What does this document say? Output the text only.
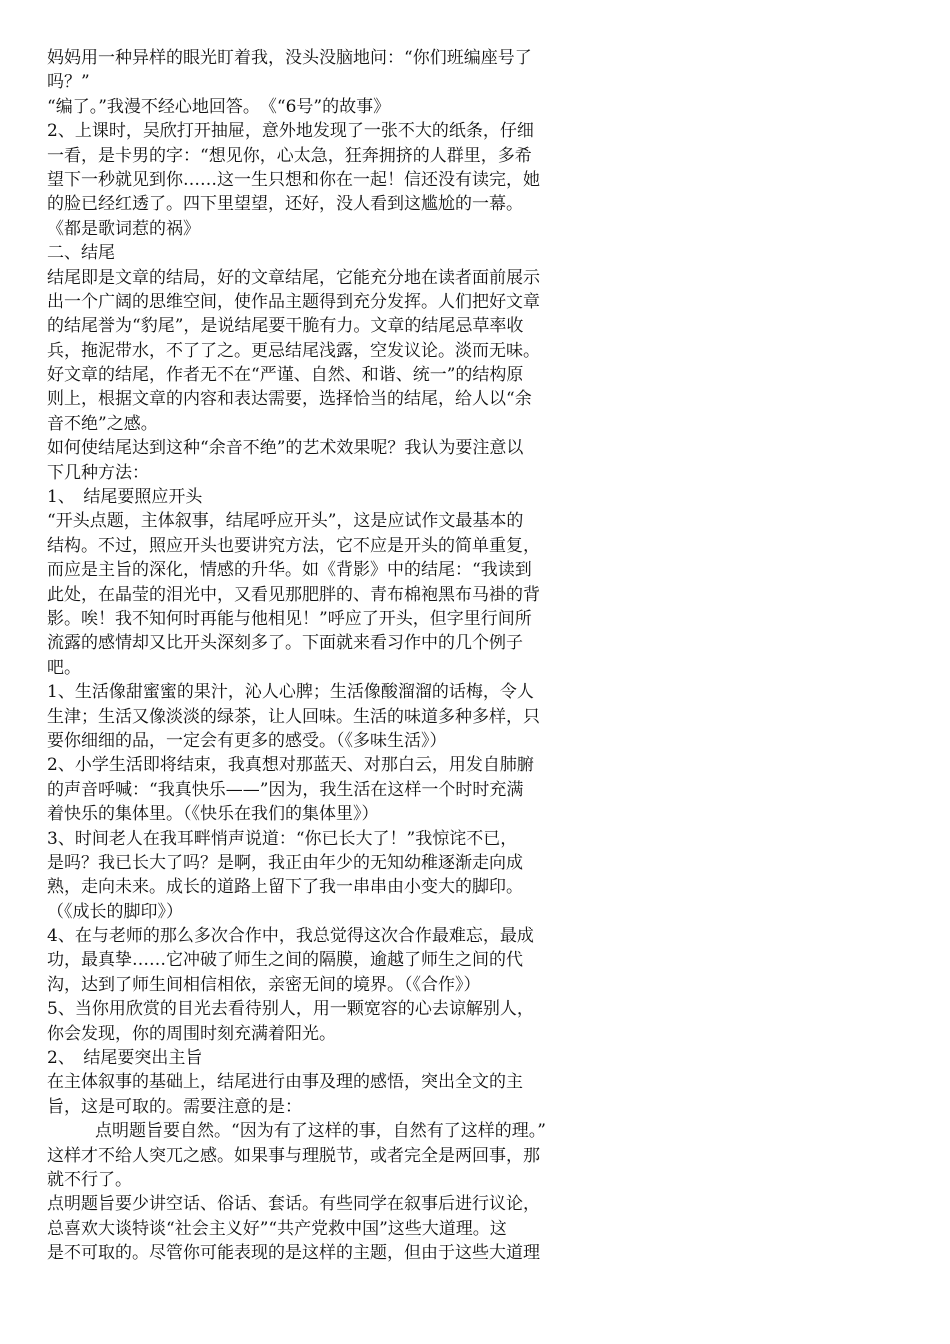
妈妈用一种异样的眼光盯着我，没头没脑地问：“你们班编座号了
吗？”
“编了。”我漫不经心地回答。　《“6号”的故事》
2、上课时，吴欣打开抽屉，意外地发现了一张不大的纸条，仔细
一看，是卡男的字：“想见你，心太急，狂奔拥挤的人群里，多希
望下一秒就见到你……这一生只想和你在一起！信还没有读完，她
的脸已经红透了。四下里望望，还好，没人看到这尴尬的一幕。
《都是歌词惹的祸》
二、结尾
结尾即是文章的结局，好的文章结尾，它能充分地在读者面前展示
出一个广阔的思维空间，使作品主题得到充分发挥。人们把好文章
的结尾誉为“豹尾”，是说结尾要干脆有力。文章的结尾忌草率收
兵，拖泥带水，不了了之。更忌结尾浅露，空发议论。淡而无味。
好文章的结尾，作者无不在“严谨、自然、和谐、统一”的结构原
则上，根据文章的内容和表达需要，选择恰当的结尾，给人以“余
音不绝”之感。
如何使结尾达到这种“余音不绝”的艺术效果呢？我认为要注意以
下几种方法：
1、　结尾要照应开头
“开头点题，主体叙事，结尾呼应开头”，这是应试作文最基本的
结构。不过，照应开头也要讲究方法，它不应是开头的简单重复，
而应是主旨的深化，情感的升华。如《背影》中的结尾：“我读到
此处，在晶莹的泪光中，又看见那肥胖的、青布棉袍黑布马褂的背
影。唉！我不知何时再能与他相见！”呼应了开头，但字里行间所
流露的感情却又比开头深刻多了。下面就来看习作中的几个例子
吧。
1、生活像甜蜜蜜的果汁，沁人心脾；生活像酸溜溜的话梅，令人
生津；生活又像淡淡的绿茶，让人回味。生活的味道多种多样，只
要你细细的品，一定会有更多的感受。（《多味生活》）
2、小学生活即将结束，我真想对那蓝天、对那白云，用发自肺腑
的声音呼喊：“我真快乐——”因为，我生活在这样一个时时充满
着快乐的集体里。（《快乐在我们的集体里》）
3、时间老人在我耳畔悄声说道：“你已长大了！”我惊诧不已，
是吗？我已长大了吗？是啊，我正由年少的无知幼稚逐渐走向成
熟，走向未来。成长的道路上留下了我一串串由小变大的脚印。
（《成长的脚印》）
4、在与老师的那么多次合作中，我总觉得这次合作最难忘，最成
功，最真挚……它冲破了师生之间的隔膜，逾越了师生之间的代
沟，达到了师生间相信相依，亲密无间的境界。（《合作》）
5、当你用欣赏的目光去看待别人，用一颗宽容的心去谅解别人，
你会发现，你的周围时刻充满着阳光。
2、　结尾要突出主旨
在主体叙事的基础上，结尾进行由事及理的感悟，突出全文的主
旨，这是可取的。需要注意的是：
点明题旨要自然。“因为有了这样的事，自然有了这样的理。”
这样才不给人突兀之感。如果事与理脱节，或者完全是两回事，那
就不行了。
点明题旨要少讲空话、俗话、套话。有些同学在叙事后进行议论，
总喜欢大谈特谈“社会主义好”“共产党救中国”这些大道理。这
是不可取的。尽管你可能表现的是这样的主题，但由于这些大道理
